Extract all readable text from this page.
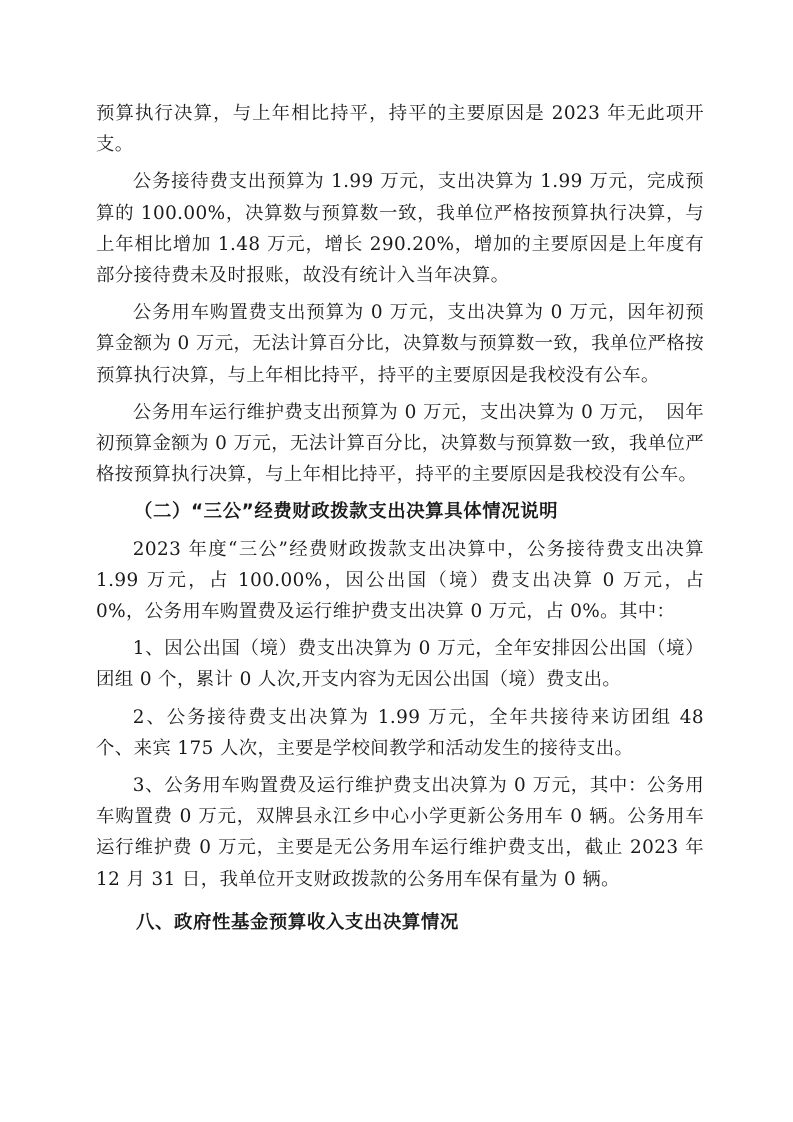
预算执行决算，与上年相比持平，持平的主要原因是 2023 年无此项开支。

公务接待费支出预算为 1.99 万元，支出决算为 1.99 万元，完成预算的 100.00%，决算数与预算数一致，我单位严格按预算执行决算，与上年相比增加 1.48 万元，增长 290.20%，增加的主要原因是上年度有部分接待费未及时报账，故没有统计入当年决算。

公务用车购置费支出预算为 0 万元，支出决算为 0 万元，因年初预算金额为 0 万元，无法计算百分比，决算数与预算数一致，我单位严格按预算执行决算，与上年相比持平，持平的主要原因是我校没有公车。

公务用车运行维护费支出预算为 0 万元，支出决算为 0 万元，　因年初预算金额为 0 万元，无法计算百分比，决算数与预算数一致，我单位严格按预算执行决算，与上年相比持平，持平的主要原因是我校没有公车。

（二）“三公”经费财政拨款支出决算具体情况说明

2023 年度“三公”经费财政拨款支出决算中，公务接待费支出决算 1.99 万元，占 100.00%，因公出国（境）费支出决算 0 万元，占 0%，公务用车购置费及运行维护费支出决算 0 万元，占 0%。其中：

1、因公出国（境）费支出决算为 0 万元，全年安排因公出国（境）团组 0 个，累计 0 人次,开支内容为无因公出国（境）费支出。

2、公务接待费支出决算为 1.99 万元，全年共接待来访团组 48 个、来宾 175 人次，主要是学校间教学和活动发生的接待支出。

3、公务用车购置费及运行维护费支出决算为 0 万元，其中：公务用车购置费 0 万元，双牌县永江乡中心小学更新公务用车 0 辆。公务用车运行维护费 0 万元，主要是无公务用车运行维护费支出，截止 2023 年 12 月 31 日，我单位开支财政拨款的公务用车保有量为 0 辆。

八、政府性基金预算收入支出决算情况
